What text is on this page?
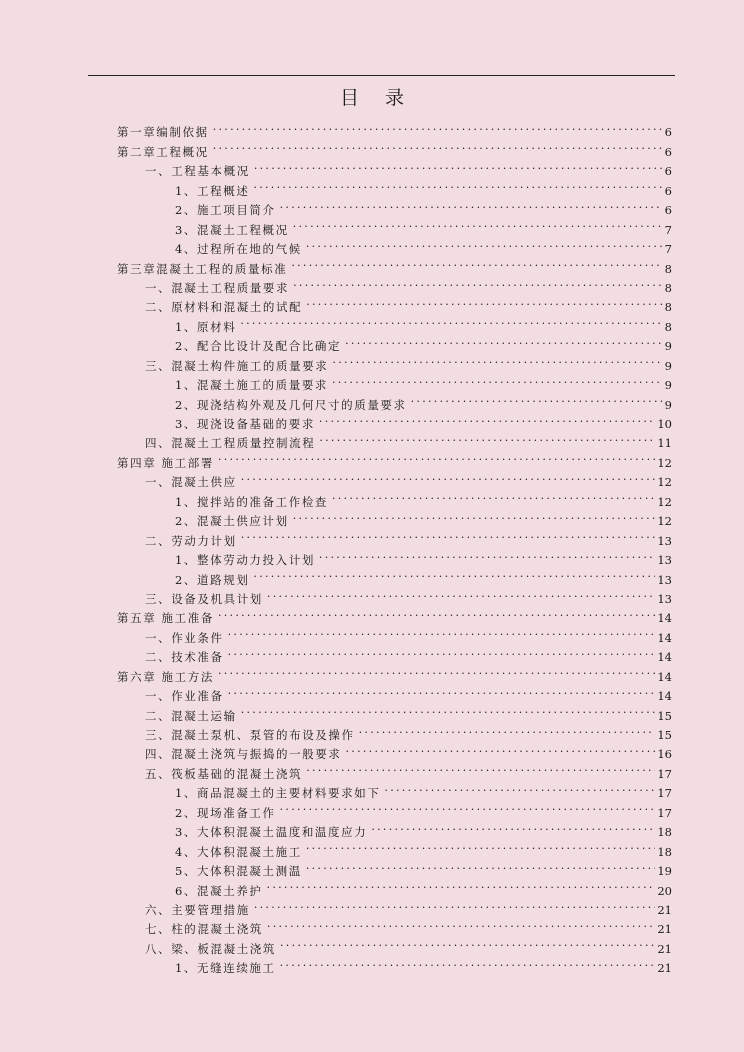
目 录
第一章编制依据 . . .	6
第二章工程概况 . . .	6
一、工程基本概况 . . .	6
1、工程概述 . . .	6
2、施工项目简介 . . .	6
3、混凝土工程概况 . . .	7
4、过程所在地的气候 . . .	7
第三章混凝土工程的质量标准 . . .	8
一、混凝土工程质量要求 . . .	8
二、原材料和混凝土的试配 . . .	8
1、原材料 . . .	8
2、配合比设计及配合比确定 . . .	9
三、混凝土构件施工的质量要求 . . .	9
1、混凝土施工的质量要求 . . .	9
2、现浇结构外观及几何尺寸的质量要求 . . .	9
3、现浇设备基础的要求 . . .	10
四、混凝土工程质量控制流程 . . .	11
第四章 施工部署 . . .	12
一、混凝土供应 . . .	12
1、搅拌站的准备工作检查 . . .	12
2、混凝土供应计划 . . .	12
二、劳动力计划 . . .	13
1、整体劳动力投入计划 . . .	13
2、道路规划 . . .	13
三、设备及机具计划 . . .	13
第五章 施工准备 . . .	14
一、作业条件 . . .	14
二、技术准备 . . .	14
第六章 施工方法 . . .	14
一、作业准备 . . .	14
二、混凝土运输 . . .	15
三、混凝土泵机、泵管的布设及操作 . . .	15
四、混凝土浇筑与振捣的一般要求 . . .	16
五、筏板基础的混凝土浇筑 . . .	17
1、商品混凝土的主要材料要求如下 . . .	17
2、现场准备工作 . . .	17
3、大体积混凝土温度和温度应力 . . .	18
4、大体积混凝土施工 . . .	18
5、大体积混凝土测温 . . .	19
6、混凝土养护 . . .	20
六、主要管理措施 . . .	21
七、柱的混凝土浇筑 . . .	21
八、梁、板混凝土浇筑 . . .	21
1、无缝连续施工 . . .	21
